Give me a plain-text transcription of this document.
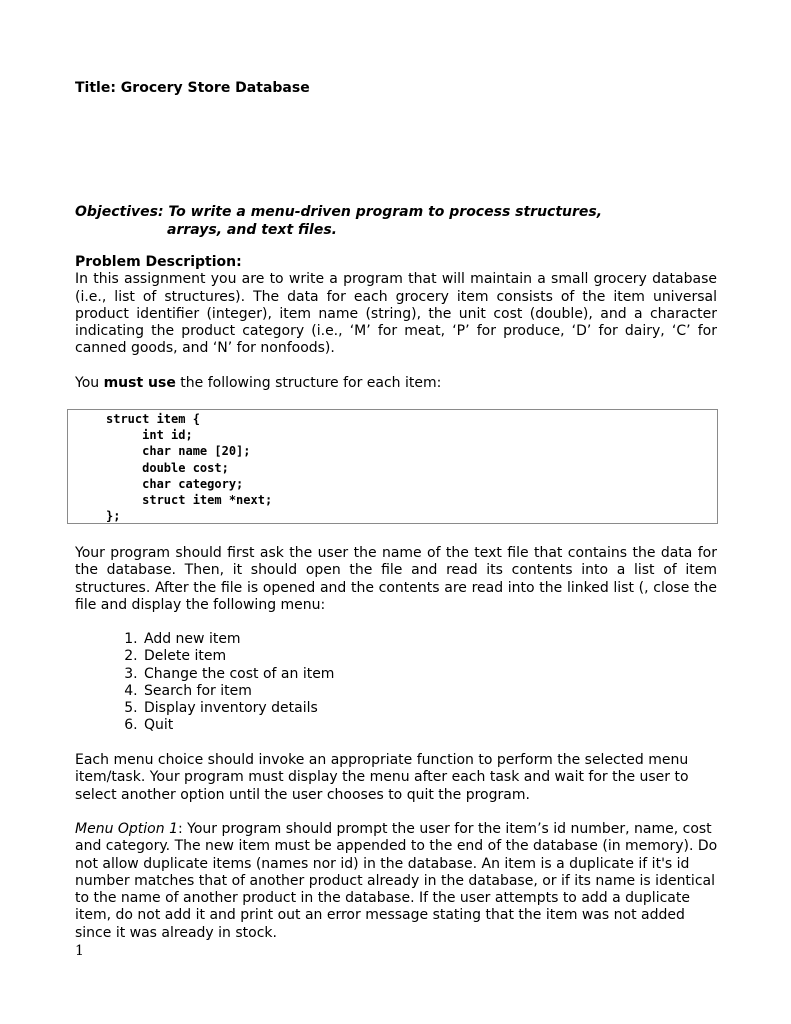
Title: Grocery Store Database
Objectives: To write a menu-driven program to process structures,
arrays, and text files.
Problem Description:
In this assignment you are to write a program that will maintain a small grocery database (i.e., list of structures). The data for each grocery item consists of the item universal product identifier (integer), item name (string), the unit cost (double), and a character indicating the product category (i.e., ‘M’ for meat, ‘P’ for produce, ‘D’ for dairy, ‘C’ for canned goods, and ‘N’ for nonfoods).
You must use the following structure for each item:
struct item {
int id;
char name [20];
double cost;
char category;
struct item *next;
};
Your program should first ask the user the name of the text file that contains the data for the database. Then, it should open the file and read its contents into a list of item structures. After the file is opened and the contents are read into the linked list (, close the file and display the following menu:
1. Add new item
2. Delete item
3. Change the cost of an item
4. Search for item
5. Display inventory details
6. Quit
Each menu choice should invoke an appropriate function to perform the selected menu item/task. Your program must display the menu after each task and wait for the user to select another option until the user chooses to quit the program.
Menu Option 1: Your program should prompt the user for the item’s id number, name, cost and category. The new item must be appended to the end of the database (in memory). Do not allow duplicate items (names nor id) in the database. An item is a duplicate if it's id number matches that of another product already in the database, or if its name is identical to the name of another product in the database. If the user attempts to add a duplicate item, do not add it and print out an error message stating that the item was not added since it was already in stock.
1
